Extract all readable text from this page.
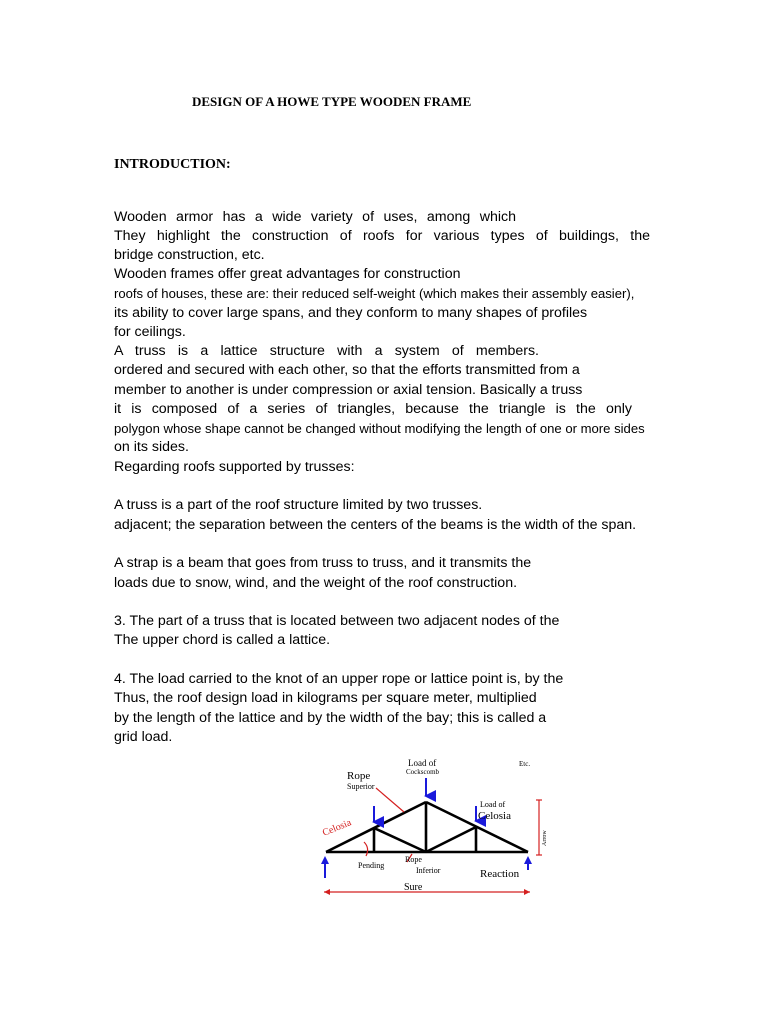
DESIGN OF A HOWE TYPE WOODEN FRAME
INTRODUCTION:
Wooden armor has a wide variety of uses, among which
They highlight the construction of roofs for various types of buildings, the
bridge construction, etc.
Wooden frames offer great advantages for construction
roofs of houses, these are: their reduced self-weight (which makes their assembly easier),
its ability to cover large spans, and they conform to many shapes of profiles
for ceilings.
A truss is a lattice structure with a system of members.
ordered and secured with each other, so that the efforts transmitted from a
member to another is under compression or axial tension. Basically a truss
it is composed of a series of triangles, because the triangle is the only
polygon whose shape cannot be changed without modifying the length of one or more sides
on its sides.
Regarding roofs supported by trusses:
A truss is a part of the roof structure limited by two trusses.
adjacent; the separation between the centers of the beams is the width of the span.
A strap is a beam that goes from truss to truss, and it transmits the
loads due to snow, wind, and the weight of the roof construction.
3. The part of a truss that is located between two adjacent nodes of the
The upper chord is called a lattice.
4. The load carried to the knot of an upper rope or lattice point is, by the
Thus, the roof design load in kilograms per square meter, multiplied
by the length of the lattice and by the width of the bay; this is called a
grid load.
Load of
Cockscomb
Etc.
Rope
Superior
Load of
Celosia
Pending
Rope
Inferior	Reaction
Sure
Arrow
Celosia
